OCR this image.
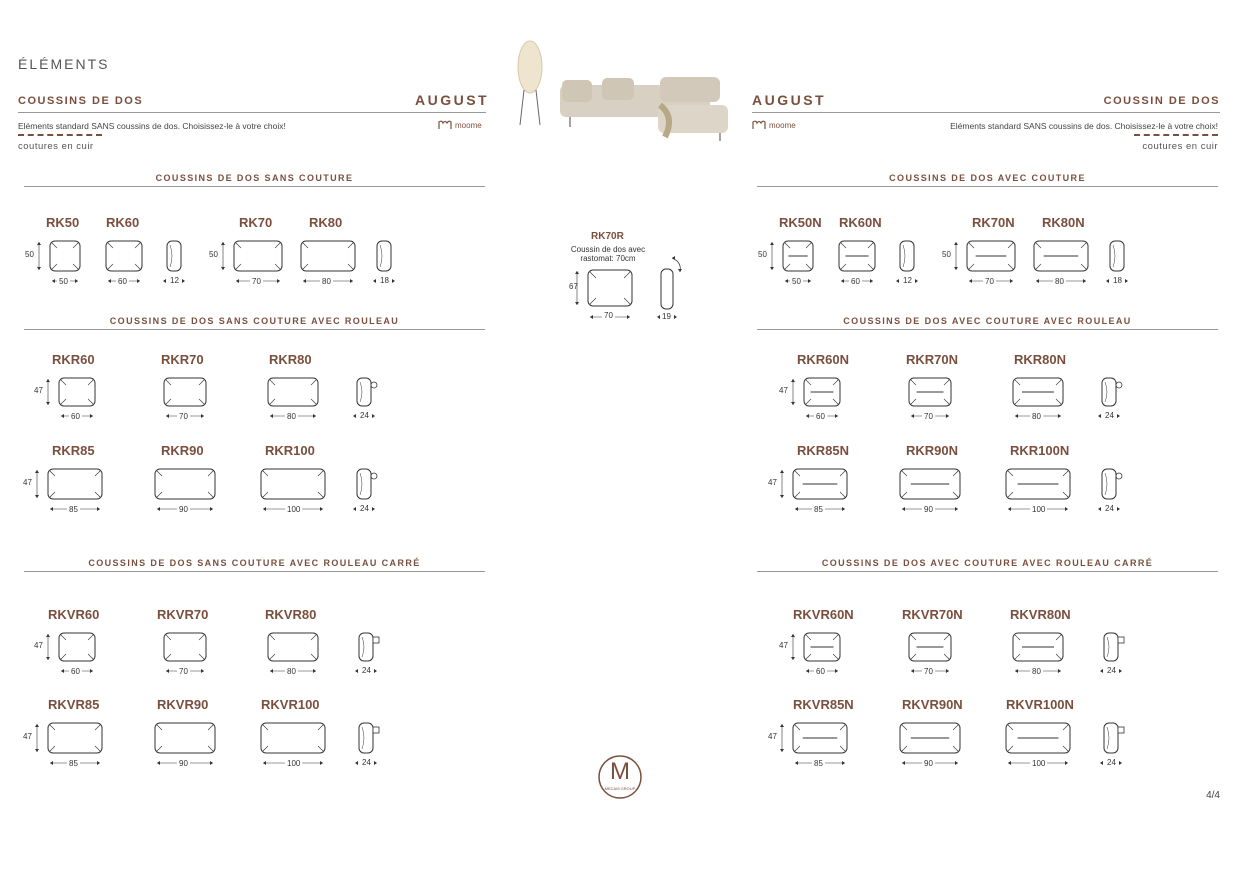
ÉLÉMENTS
COUSSINS DE DOS	AUGUST
Eléments standard SANS coussins de dos. Choisissez-le à votre choix!	moome
coutures en cuir
AUGUST	COUSSIN DE DOS
moome	Eléments standard SANS coussins de dos. Choisissez-le à votre choix!
coutures en cuir
COUSSINS DE DOS SANS COUTURE
COUSSINS DE DOS SANS COUTURE AVEC ROULEAU
COUSSINS DE DOS SANS COUTURE AVEC ROULEAU CARRÉ
COUSSINS DE DOS AVEC COUTURE
COUSSINS DE DOS AVEC COUTURE AVEC ROULEAU
COUSSINS DE DOS AVEC COUTURE AVEC ROULEAU CARRÉ
50
50
RK50
60
RK60
12
50
70
RK70
80
RK80
18
47
60
RKR60
70
RKR70
80
RKR80
24
47
85
RKR85
90
RKR90
100
RKR100
24
47
60
RKVR60
70
RKVR70
80
RKVR80
24
47
85
RKVR85
90
RKVR90
100
RKVR100
24
50
50
RK50N
60
RK60N
12
50
70
RK70N
80
RK80N
18
47
60
RKR60N
70
RKR70N
80
RKR80N
24
47
85
RKR85N
90
RKR90N
100
RKR100N
24
47
60
RKVR60N
70
RKVR70N
80
RKVR80N
24
47
85
RKVR85N
90
RKVR90N
100
RKVR100N
24
67
70	19
RK70R
Coussin de dos avec
rastomat: 70cm
M
MECAM GROUP
4/4
